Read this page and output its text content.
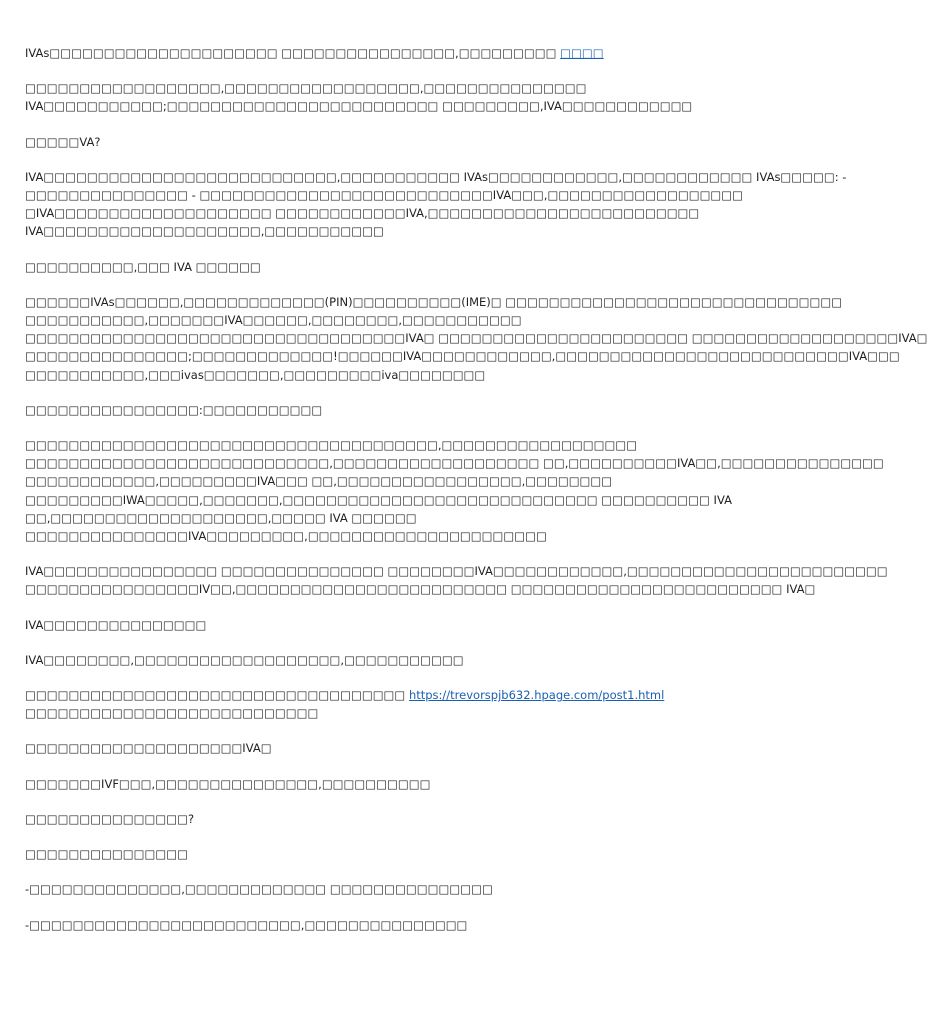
IVAs□□□□□□□□□□□□□□□□□□□□□ □□□□□□□□□□□□□□□□,□□□□□□□□□ □□□□

□□□□□□□□□□□□□□□□□□,□□□□□□□□□□□□□□□□□□,□□□□□□□□□□□□□□□
IVA□□□□□□□□□□□;□□□□□□□□□□□□□□□□□□□□□□□□□ □□□□□□□□□,IVA□□□□□□□□□□□□

□□□□□VA?

IVA□□□□□□□□□□□□□□□□□□□□□□□□□□□,□□□□□□□□□□□ IVAs□□□□□□□□□□□□,□□□□□□□□□□□□ IVAs□□□□□: -
□□□□□□□□□□□□□□□ - □□□□□□□□□□□□□□□□□□□□□□□□□□□IVA□□□,□□□□□□□□□□□□□□□□□□
□IVA□□□□□□□□□□□□□□□□□□□□ □□□□□□□□□□□□IVA,□□□□□□□□□□□□□□□□□□□□□□□□□
IVA□□□□□□□□□□□□□□□□□□□□,□□□□□□□□□□□

□□□□□□□□□□,□□□ IVA □□□□□□

□□□□□□IVAs□□□□□□,□□□□□□□□□□□□□(PIN)□□□□□□□□□□(IME)□ □□□□□□□□□□□□□□□□□□□□□□□□□□□□□□□
□□□□□□□□□□□,□□□□□□□IVA□□□□□□,□□□□□□□□,□□□□□□□□□□□
□□□□□□□□□□□□□□□□□□□□□□□□□□□□□□□□□□□IVA□ □□□□□□□□□□□□□□□□□□□□□□□ □□□□□□□□□□□□□□□□□□□IVA□
□□□□□□□□□□□□□□□;□□□□□□□□□□□□□!□□□□□□IVA□□□□□□□□□□□□,□□□□□□□□□□□□□□□□□□□□□□□□□□□IVA□□□
□□□□□□□□□□□,□□□ivas□□□□□□□,□□□□□□□□□iva□□□□□□□□

□□□□□□□□□□□□□□□□:□□□□□□□□□□□

□□□□□□□□□□□□□□□□□□□□□□□□□□□□□□□□□□□□□□,□□□□□□□□□□□□□□□□□□
□□□□□□□□□□□□□□□□□□□□□□□□□□□□,□□□□□□□□□□□□□□□□□□□ □□,□□□□□□□□□□IVA□□,□□□□□□□□□□□□□□□
□□□□□□□□□□□□,□□□□□□□□□IVA□□□ □□,□□□□□□□□□□□□□□□□□,□□□□□□□□
□□□□□□□□□IWA□□□□□,□□□□□□□,□□□□□□□□□□□□□□□□□□□□□□□□□□□□□ □□□□□□□□□□ IVA
□□,□□□□□□□□□□□□□□□□□□□□,□□□□□ IVA □□□□□□
□□□□□□□□□□□□□□□IVA□□□□□□□□□,□□□□□□□□□□□□□□□□□□□□□□

IVA□□□□□□□□□□□□□□□□ □□□□□□□□□□□□□□□ □□□□□□□□IVA□□□□□□□□□□□□,□□□□□□□□□□□□□□□□□□□□□□□□
□□□□□□□□□□□□□□□□IV□□,□□□□□□□□□□□□□□□□□□□□□□□□□ □□□□□□□□□□□□□□□□□□□□□□□□□ IVA□

IVA□□□□□□□□□□□□□□□

IVA□□□□□□□□,□□□□□□□□□□□□□□□□□□□,□□□□□□□□□□□

□□□□□□□□□□□□□□□□□□□□□□□□□□□□□□□□□□□ https://trevorspjb632.hpage.com/post1.html
□□□□□□□□□□□□□□□□□□□□□□□□□□□

□□□□□□□□□□□□□□□□□□□□IVA□

□□□□□□□IVF□□□,□□□□□□□□□□□□□□□,□□□□□□□□□□

□□□□□□□□□□□□□□□?

□□□□□□□□□□□□□□□

-□□□□□□□□□□□□□□,□□□□□□□□□□□□□ □□□□□□□□□□□□□□□

-□□□□□□□□□□□□□□□□□□□□□□□□□,□□□□□□□□□□□□□□□
